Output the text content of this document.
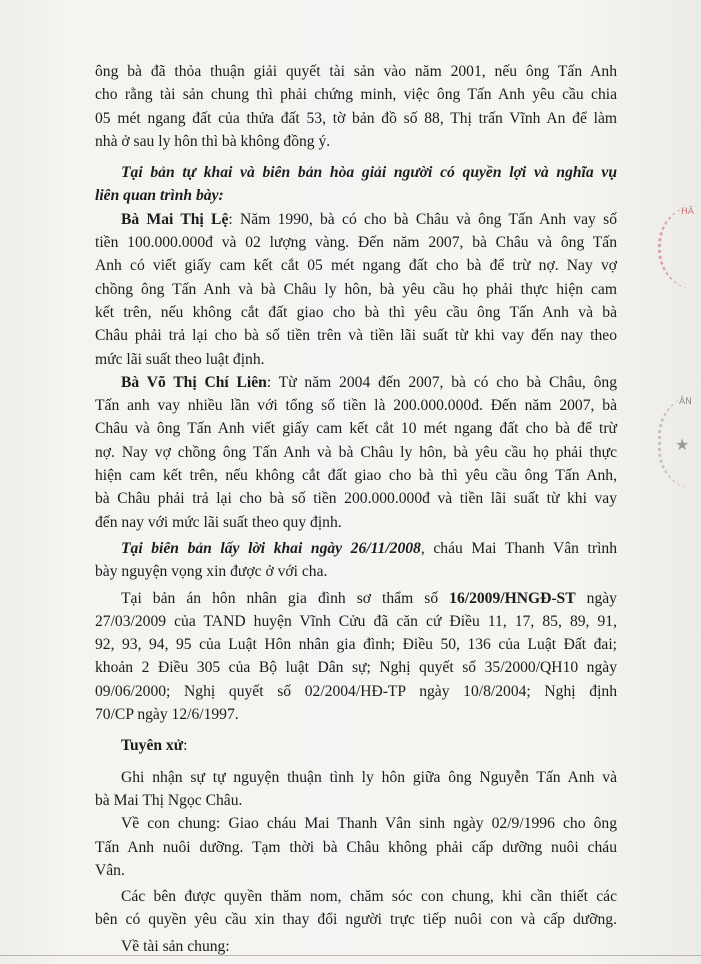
HÂ
ÂN
★
ông bà đã thỏa thuận giải quyết tài sản vào năm 2001, nếu ông Tấn Anh
cho rằng tài sản chung thì phải chứng minh, việc ông Tấn Anh yêu cầu chia
05 mét ngang đất của thửa đất 53, tờ bản đồ số 88, Thị trấn Vĩnh An để làm
nhà ở sau ly hôn thì bà không đồng ý.
Tại bản tự khai và biên bản hòa giải người có quyền lợi và nghĩa vụ
liên quan trình bày:
Bà Mai Thị Lệ: Năm 1990, bà có cho bà Châu và ông Tấn Anh vay số
tiền 100.000.000đ và 02 lượng vàng. Đến năm 2007, bà Châu và ông Tấn
Anh có viết giấy cam kết cắt 05 mét ngang đất cho bà để trừ nợ. Nay vợ
chồng ông Tấn Anh và bà Châu ly hôn, bà yêu cầu họ phải thực hiện cam
kết trên, nếu không cắt đất giao cho bà thì yêu cầu ông Tấn Anh và bà
Châu phải trả lại cho bà số tiền trên và tiền lãi suất từ khi vay đến nay theo
mức lãi suất theo luật định.
Bà Võ Thị Chí Liên: Từ năm 2004 đến 2007, bà có cho bà Châu, ông
Tấn anh vay nhiều lần với tổng số tiền là 200.000.000đ. Đến năm 2007, bà
Châu và ông Tấn Anh viết giấy cam kết cắt 10 mét ngang đất cho bà để trừ
nợ. Nay vợ chồng ông Tấn Anh và bà Châu ly hôn, bà yêu cầu họ phải thực
hiện cam kết trên, nếu không cắt đất giao cho bà thì yêu cầu ông Tấn Anh,
bà Châu phải trả lại cho bà số tiền 200.000.000đ và tiền lãi suất từ khi vay
đến nay với mức lãi suất theo quy định.
Tại biên bản lấy lời khai ngày 26/11/2008, cháu Mai Thanh Vân trình
bày nguyện vọng xin được ở với cha.
Tại bản án hôn nhân gia đình sơ thẩm số 16/2009/HNGĐ-ST ngày
27/03/2009 của TAND huyện Vĩnh Cửu đã căn cứ Điều 11, 17, 85, 89, 91,
92, 93, 94, 95 của Luật Hôn nhân gia đình; Điều 50, 136 của Luật Đất đai;
khoản 2 Điều 305 của Bộ luật Dân sự; Nghị quyết số 35/2000/QH10 ngày
09/06/2000; Nghị quyết số 02/2004/HĐ-TP ngày 10/8/2004; Nghị định
70/CP ngày 12/6/1997.
Tuyên xử:
Ghi nhận sự tự nguyện thuận tình ly hôn giữa ông Nguyễn Tấn Anh và
bà Mai Thị Ngọc Châu.
Về con chung: Giao cháu Mai Thanh Vân sinh ngày 02/9/1996 cho ông
Tấn Anh nuôi dưỡng. Tạm thời bà Châu không phải cấp dưỡng nuôi cháu
Vân.
Các bên được quyền thăm nom, chăm sóc con chung, khi cần thiết các
bên có quyền yêu cầu xin thay đổi người trực tiếp nuôi con và cấp dưỡng.
Về tài sản chung:
